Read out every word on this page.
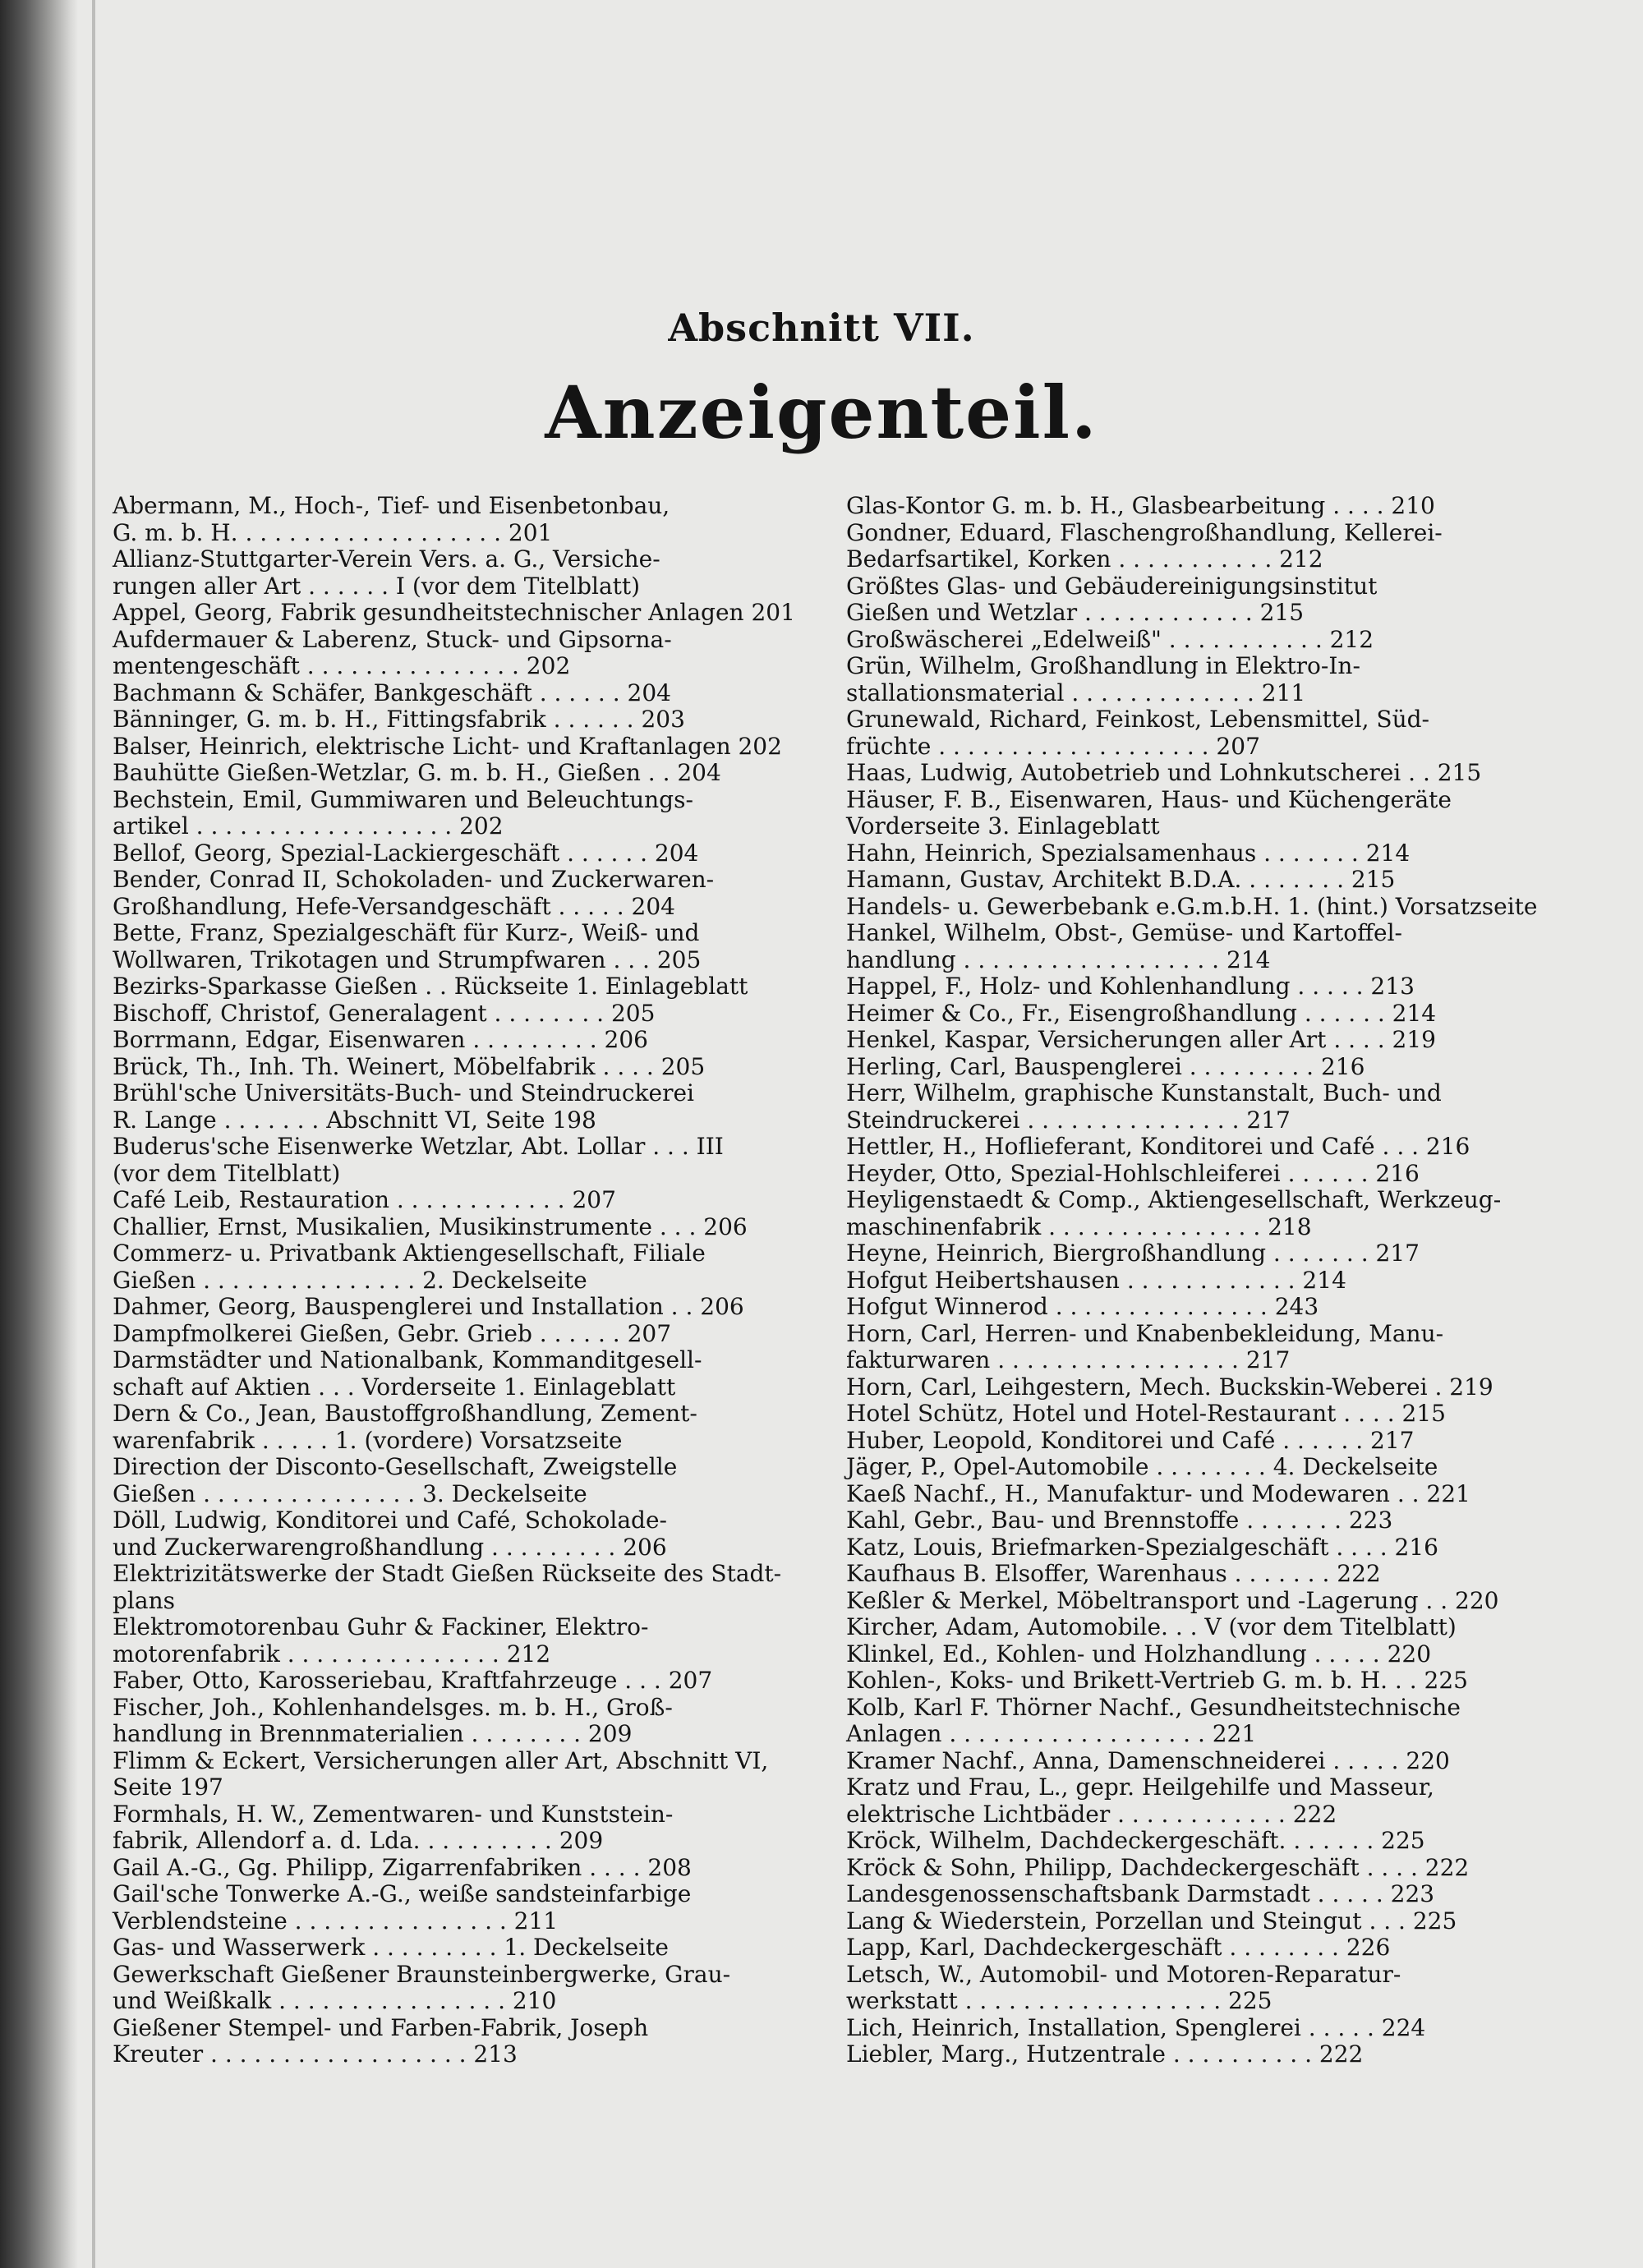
Abschnitt VII.
Anzeigenteil.
Abermann, M., Hoch-, Tief- und Eisenbetonbau,
G. m. b. H. . . . . . . . . . . . . . . . . . . 201
Allianz-Stuttgarter-Verein Vers. a. G., Versiche-
rungen aller Art . . . . . . I (vor dem Titelblatt)
Appel, Georg, Fabrik gesundheitstechnischer Anlagen 201
Aufdermauer & Laberenz, Stuck- und Gipsorna-
mentengeschäft . . . . . . . . . . . . . . . 202
Bachmann & Schäfer, Bankgeschäft . . . . . . 204
Bänninger, G. m. b. H., Fittingsfabrik . . . . . . 203
Balser, Heinrich, elektrische Licht- und Kraftanlagen 202
Bauhütte Gießen-Wetzlar, G. m. b. H., Gießen . . 204
Bechstein, Emil, Gummiwaren und Beleuchtungs-
artikel . . . . . . . . . . . . . . . . . . 202
Bellof, Georg, Spezial-Lackiergeschäft . . . . . . 204
Bender, Conrad II, Schokoladen- und Zuckerwaren-
Großhandlung, Hefe-Versandgeschäft . . . . . 204
Bette, Franz, Spezialgeschäft für Kurz-, Weiß- und
Wollwaren, Trikotagen und Strumpfwaren . . . 205
Bezirks-Sparkasse Gießen . . Rückseite 1. Einlageblatt
Bischoff, Christof, Generalagent . . . . . . . . 205
Borrmann, Edgar, Eisenwaren . . . . . . . . . 206
Brück, Th., Inh. Th. Weinert, Möbelfabrik . . . . 205
Brühl'sche Universitäts-Buch- und Steindruckerei
R. Lange . . . . . . . Abschnitt VI, Seite 198
Buderus'sche Eisenwerke Wetzlar, Abt. Lollar . . . III
(vor dem Titelblatt)
Café Leib, Restauration . . . . . . . . . . . . 207
Challier, Ernst, Musikalien, Musikinstrumente . . . 206
Commerz- u. Privatbank Aktiengesellschaft, Filiale
Gießen . . . . . . . . . . . . . . . 2. Deckelseite
Dahmer, Georg, Bauspenglerei und Installation . . 206
Dampfmolkerei Gießen, Gebr. Grieb . . . . . . 207
Darmstädter und Nationalbank, Kommanditgesell-
schaft auf Aktien . . . Vorderseite 1. Einlageblatt
Dern & Co., Jean, Baustoffgroßhandlung, Zement-
warenfabrik . . . . . 1. (vordere) Vorsatzseite
Direction der Disconto-Gesellschaft, Zweigstelle
Gießen . . . . . . . . . . . . . . . 3. Deckelseite
Döll, Ludwig, Konditorei und Café, Schokolade-
und Zuckerwarengroßhandlung . . . . . . . . . 206
Elektrizitätswerke der Stadt Gießen Rückseite des Stadt-
plans
Elektromotorenbau Guhr & Fackiner, Elektro-
motorenfabrik . . . . . . . . . . . . . . . 212
Faber, Otto, Karosseriebau, Kraftfahrzeuge . . . 207
Fischer, Joh., Kohlenhandelsges. m. b. H., Groß-
handlung in Brennmaterialien . . . . . . . . 209
Flimm & Eckert, Versicherungen aller Art, Abschnitt VI,
Seite 197
Formhals, H. W., Zementwaren- und Kunststein-
fabrik, Allendorf a. d. Lda. . . . . . . . . . 209
Gail A.-G., Gg. Philipp, Zigarrenfabriken . . . . 208
Gail'sche Tonwerke A.-G., weiße sandsteinfarbige
Verblendsteine . . . . . . . . . . . . . . . 211
Gas- und Wasserwerk . . . . . . . . . 1. Deckelseite
Gewerkschaft Gießener Braunsteinbergwerke, Grau-
und Weißkalk . . . . . . . . . . . . . . . . 210
Gießener Stempel- und Farben-Fabrik, Joseph
Kreuter . . . . . . . . . . . . . . . . . . 213
Glas-Kontor G. m. b. H., Glasbearbeitung . . . . 210
Gondner, Eduard, Flaschengroßhandlung, Kellerei-
Bedarfsartikel, Korken . . . . . . . . . . . 212
Größtes Glas- und Gebäudereinigungsinstitut
Gießen und Wetzlar . . . . . . . . . . . . 215
Großwäscherei „Edelweiß" . . . . . . . . . . . 212
Grün, Wilhelm, Großhandlung in Elektro-In-
stallationsmaterial . . . . . . . . . . . . . 211
Grunewald, Richard, Feinkost, Lebensmittel, Süd-
früchte . . . . . . . . . . . . . . . . . . . 207
Haas, Ludwig, Autobetrieb und Lohnkutscherei . . 215
Häuser, F. B., Eisenwaren, Haus- und Küchengeräte
Vorderseite 3. Einlageblatt
Hahn, Heinrich, Spezialsamenhaus . . . . . . . 214
Hamann, Gustav, Architekt B.D.A. . . . . . . . 215
Handels- u. Gewerbebank e.G.m.b.H. 1. (hint.) Vorsatzseite
Hankel, Wilhelm, Obst-, Gemüse- und Kartoffel-
handlung . . . . . . . . . . . . . . . . . . 214
Happel, F., Holz- und Kohlenhandlung . . . . . 213
Heimer & Co., Fr., Eisengroßhandlung . . . . . . 214
Henkel, Kaspar, Versicherungen aller Art . . . . 219
Herling, Carl, Bauspenglerei . . . . . . . . . 216
Herr, Wilhelm, graphische Kunstanstalt, Buch- und
Steindruckerei . . . . . . . . . . . . . . . 217
Hettler, H., Hoflieferant, Konditorei und Café . . . 216
Heyder, Otto, Spezial-Hohlschleiferei . . . . . . 216
Heyligenstaedt & Comp., Aktiengesellschaft, Werkzeug-
maschinenfabrik . . . . . . . . . . . . . . . 218
Heyne, Heinrich, Biergroßhandlung . . . . . . . 217
Hofgut Heibertshausen . . . . . . . . . . . . 214
Hofgut Winnerod . . . . . . . . . . . . . . . 243
Horn, Carl, Herren- und Knabenbekleidung, Manu-
fakturwaren . . . . . . . . . . . . . . . . . 217
Horn, Carl, Leihgestern, Mech. Buckskin-Weberei . 219
Hotel Schütz, Hotel und Hotel-Restaurant . . . . 215
Huber, Leopold, Konditorei und Café . . . . . . 217
Jäger, P., Opel-Automobile . . . . . . . . 4. Deckelseite
Kaeß Nachf., H., Manufaktur- und Modewaren . . 221
Kahl, Gebr., Bau- und Brennstoffe . . . . . . . 223
Katz, Louis, Briefmarken-Spezialgeschäft . . . . 216
Kaufhaus B. Elsoffer, Warenhaus . . . . . . . 222
Keßler & Merkel, Möbeltransport und -Lagerung . . 220
Kircher, Adam, Automobile. . . V (vor dem Titelblatt)
Klinkel, Ed., Kohlen- und Holzhandlung . . . . . 220
Kohlen-, Koks- und Brikett-Vertrieb G. m. b. H. . . 225
Kolb, Karl F. Thörner Nachf., Gesundheitstechnische
Anlagen . . . . . . . . . . . . . . . . . . 221
Kramer Nachf., Anna, Damenschneiderei . . . . . 220
Kratz und Frau, L., gepr. Heilgehilfe und Masseur,
elektrische Lichtbäder . . . . . . . . . . . . 222
Kröck, Wilhelm, Dachdeckergeschäft. . . . . . . 225
Kröck & Sohn, Philipp, Dachdeckergeschäft . . . . 222
Landesgenossenschaftsbank Darmstadt . . . . . 223
Lang & Wiederstein, Porzellan und Steingut . . . 225
Lapp, Karl, Dachdeckergeschäft . . . . . . . . 226
Letsch, W., Automobil- und Motoren-Reparatur-
werkstatt . . . . . . . . . . . . . . . . . . 225
Lich, Heinrich, Installation, Spenglerei . . . . . 224
Liebler, Marg., Hutzentrale . . . . . . . . . . 222
